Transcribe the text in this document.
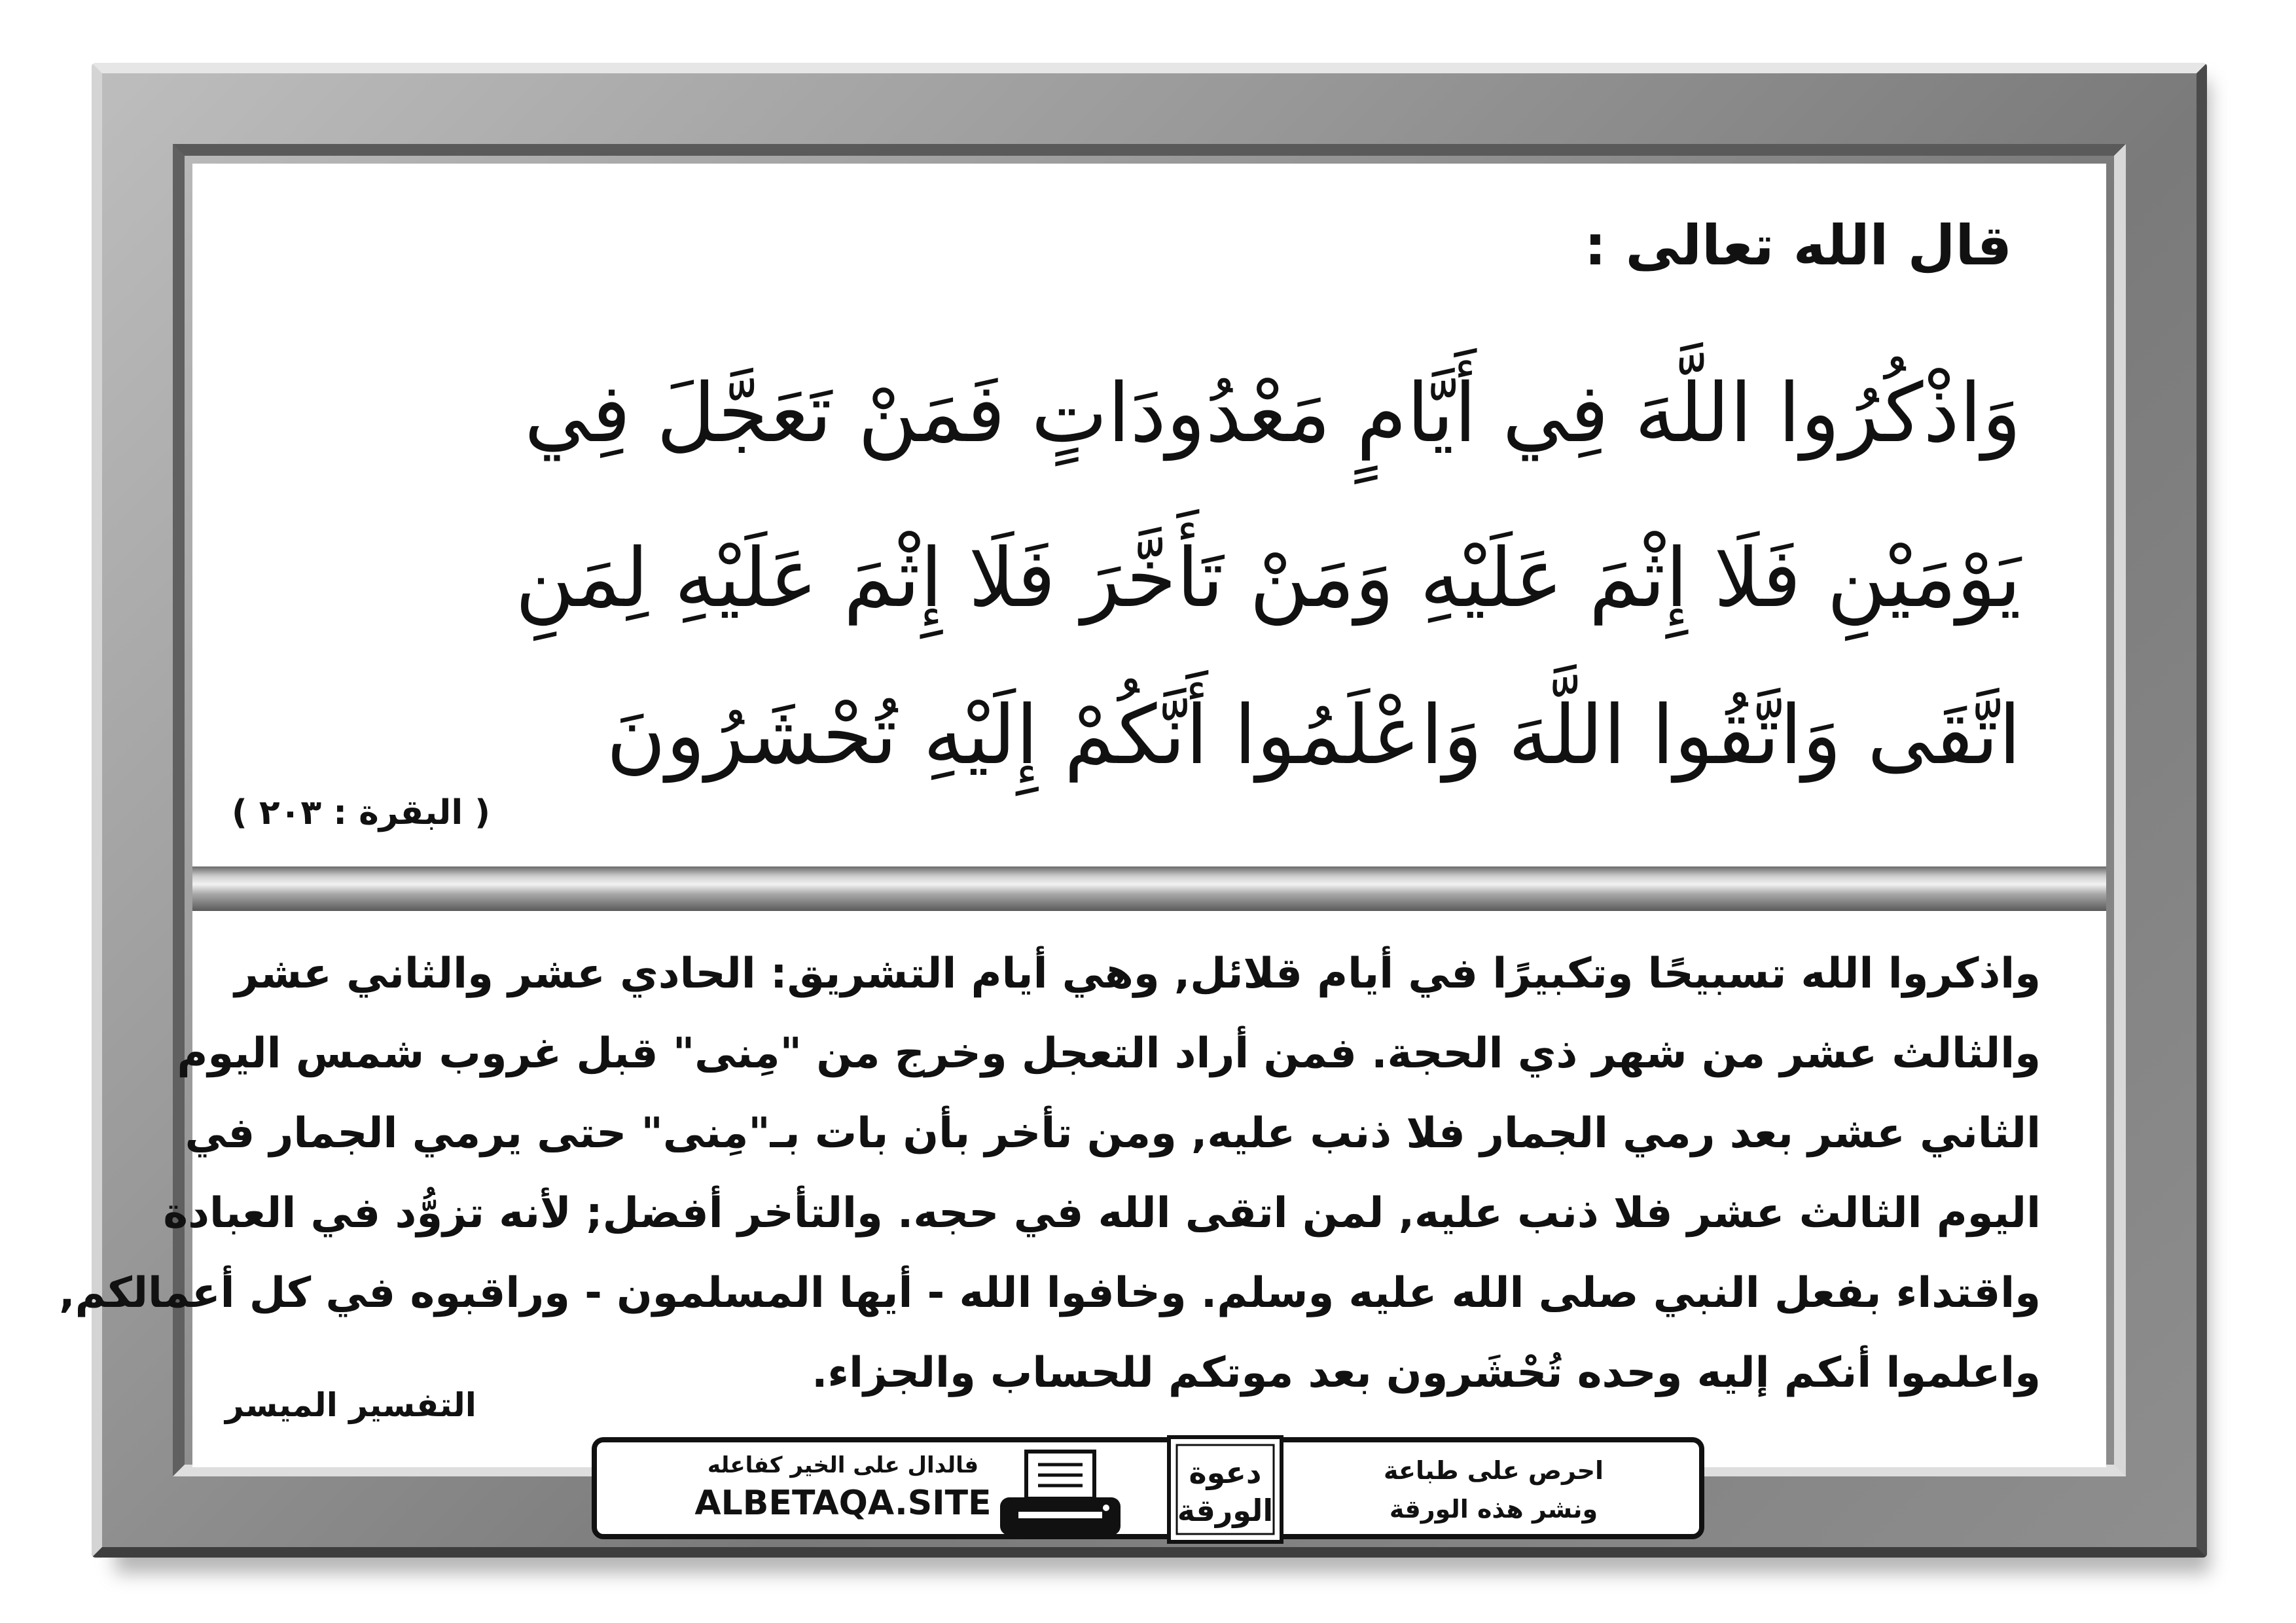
قال الله تعالى :
وَاذْكُرُوا اللَّهَ فِي أَيَّامٍ مَعْدُودَاتٍ فَمَنْ تَعَجَّلَ فِي
يَوْمَيْنِ فَلَا إِثْمَ عَلَيْهِ وَمَنْ تَأَخَّرَ فَلَا إِثْمَ عَلَيْهِ لِمَنِ
اتَّقَى وَاتَّقُوا اللَّهَ وَاعْلَمُوا أَنَّكُمْ إِلَيْهِ تُحْشَرُونَ
( البقرة : ٢٠٣ )
واذكروا الله تسبيحًا وتكبيرًا في أيام قلائل, وهي أيام التشريق: الحادي عشر والثاني عشر
والثالث عشر من شهر ذي الحجة. فمن أراد التعجل وخرج من "مِنى" قبل غروب شمس اليوم
الثاني عشر بعد رمي الجمار فلا ذنب عليه, ومن تأخر بأن بات بـ"مِنى" حتى يرمي الجمار في
اليوم الثالث عشر فلا ذنب عليه, لمن اتقى الله في حجه. والتأخر أفضل; لأنه تزوُّد في العبادة
واقتداء بفعل النبي صلى الله عليه وسلم. وخافوا الله - أيها المسلمون - وراقبوه في كل أعمالكم,
واعلموا أنكم إليه وحده تُحْشَرون بعد موتكم للحساب والجزاء.
التفسير الميسر
فالدال على الخير كفاعله
ALBETAQA.SITE
دعوة
الورقة
احرص على طباعة
ونشر هذه الورقة
